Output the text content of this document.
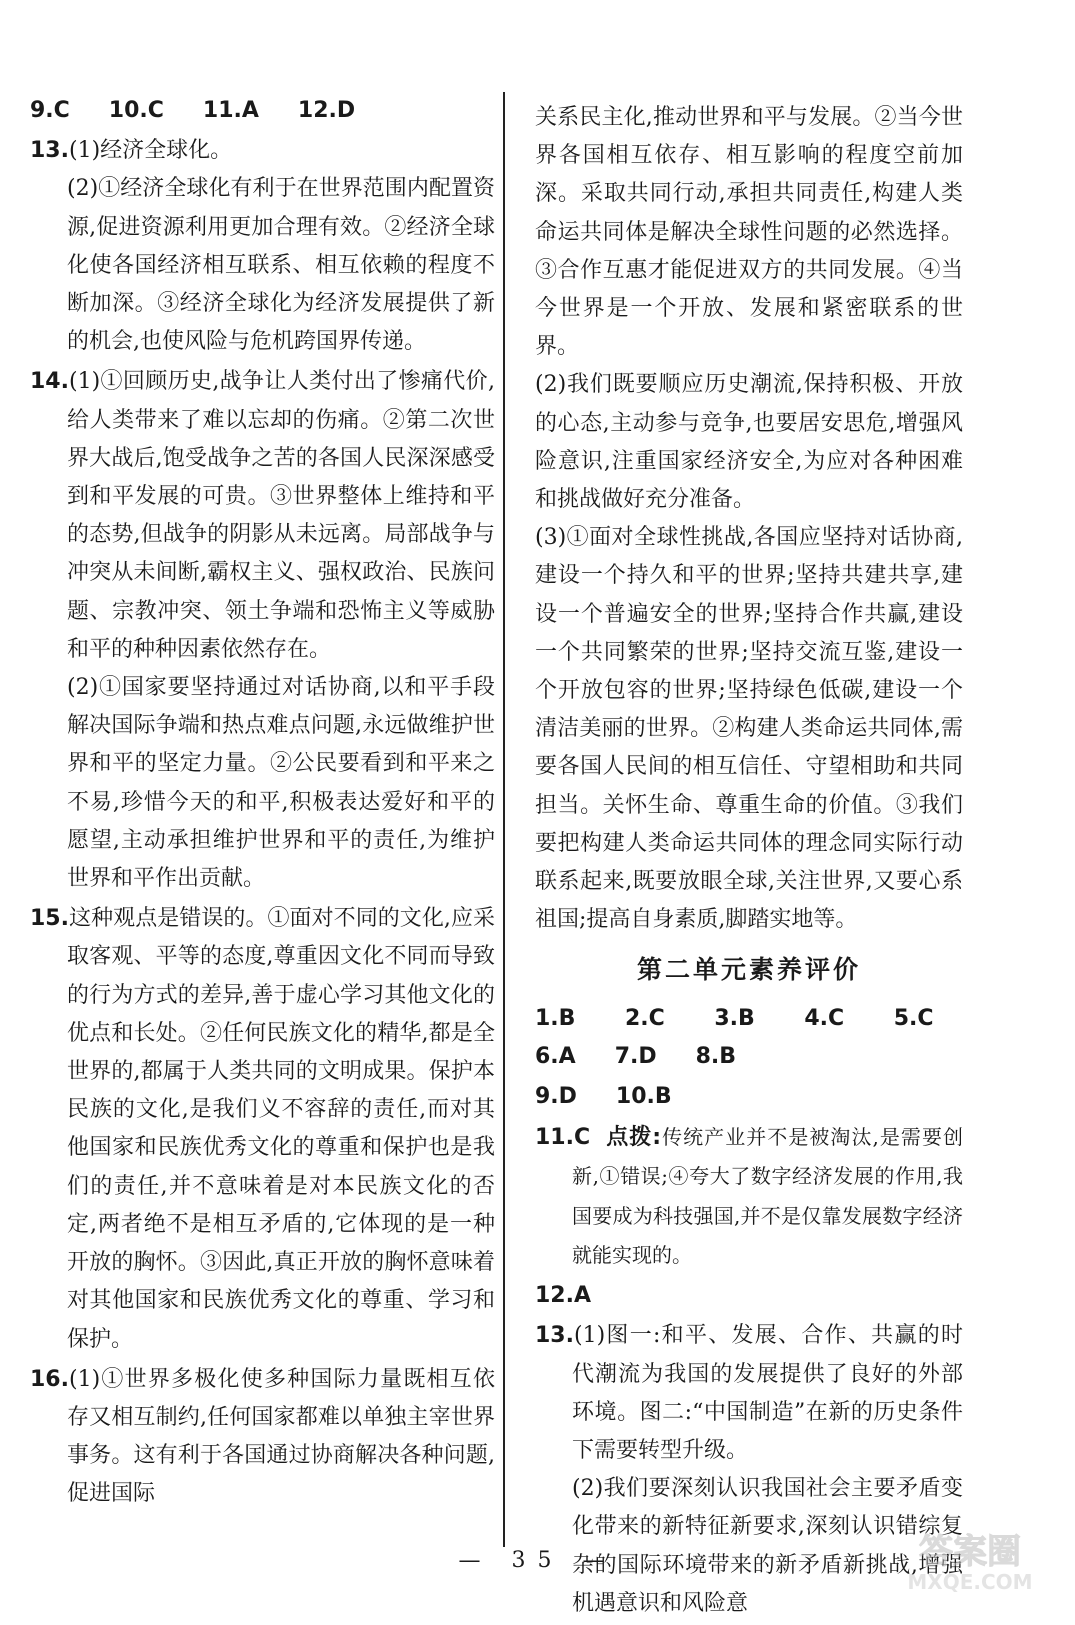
9.C 10.C 11.A 12.D
13.(1)经济全球化。
(2)①经济全球化有利于在世界范围内配置资源,促进资源利用更加合理有效。②经济全球化使各国经济相互联系、相互依赖的程度不断加深。③经济全球化为经济发展提供了新的机会,也使风险与危机跨国界传递。
14.(1)①回顾历史,战争让人类付出了惨痛代价,给人类带来了难以忘却的伤痛。②第二次世界大战后,饱受战争之苦的各国人民深深感受到和平发展的可贵。③世界整体上维持和平的态势,但战争的阴影从未远离。局部战争与冲突从未间断,霸权主义、强权政治、民族问题、宗教冲突、领土争端和恐怖主义等威胁和平的种种因素依然存在。
(2)①国家要坚持通过对话协商,以和平手段解决国际争端和热点难点问题,永远做维护世界和平的坚定力量。②公民要看到和平来之不易,珍惜今天的和平,积极表达爱好和平的愿望,主动承担维护世界和平的责任,为维护世界和平作出贡献。
15.这种观点是错误的。①面对不同的文化,应采取客观、平等的态度,尊重因文化不同而导致的行为方式的差异,善于虚心学习其他文化的优点和长处。②任何民族文化的精华,都是全世界的,都属于人类共同的文明成果。保护本民族的文化,是我们义不容辞的责任,而对其他国家和民族优秀文化的尊重和保护也是我们的责任,并不意味着是对本民族文化的否定,两者绝不是相互矛盾的,它体现的是一种开放的胸怀。③因此,真正开放的胸怀意味着对其他国家和民族优秀文化的尊重、学习和保护。
16.(1)①世界多极化使多种国际力量既相互依存又相互制约,任何国家都难以单独主宰世界事务。这有利于各国通过协商解决各种问题,促进国际
关系民主化,推动世界和平与发展。②当今世界各国相互依存、相互影响的程度空前加深。采取共同行动,承担共同责任,构建人类命运共同体是解决全球性问题的必然选择。③合作互惠才能促进双方的共同发展。④当今世界是一个开放、发展和紧密联系的世界。
(2)我们既要顺应历史潮流,保持积极、开放的心态,主动参与竞争,也要居安思危,增强风险意识,注重国家经济安全,为应对各种困难和挑战做好充分准备。
(3)①面对全球性挑战,各国应坚持对话协商,建设一个持久和平的世界;坚持共建共享,建设一个普遍安全的世界;坚持合作共赢,建设一个共同繁荣的世界;坚持交流互鉴,建设一个开放包容的世界;坚持绿色低碳,建设一个清洁美丽的世界。②构建人类命运共同体,需要各国人民间的相互信任、守望相助和共同担当。关怀生命、尊重生命的价值。③我们要把构建人类命运共同体的理念同实际行动联系起来,既要放眼全球,关注世界,又要心系祖国;提高自身素质,脚踏实地等。
第二单元素养评价
1.B 2.C 3.B 4.C 5.C   6.A 7.D 8.B
9.D 10.B
11.C 点拨:传统产业并不是被淘汰,是需要创新,①错误;④夸大了数字经济发展的作用,我国要成为科技强国,并不是仅靠发展数字经济就能实现的。
12.A
13.(1)图一:和平、发展、合作、共赢的时代潮流为我国的发展提供了良好的外部环境。图二:“中国制造”在新的历史条件下需要转型升级。
(2)我们要深刻认识我国社会主要矛盾变化带来的新特征新要求,深刻认识错综复杂的国际环境带来的新矛盾新挑战,增强机遇意识和风险意
— 35 —	答案圈
MXQE.COM
